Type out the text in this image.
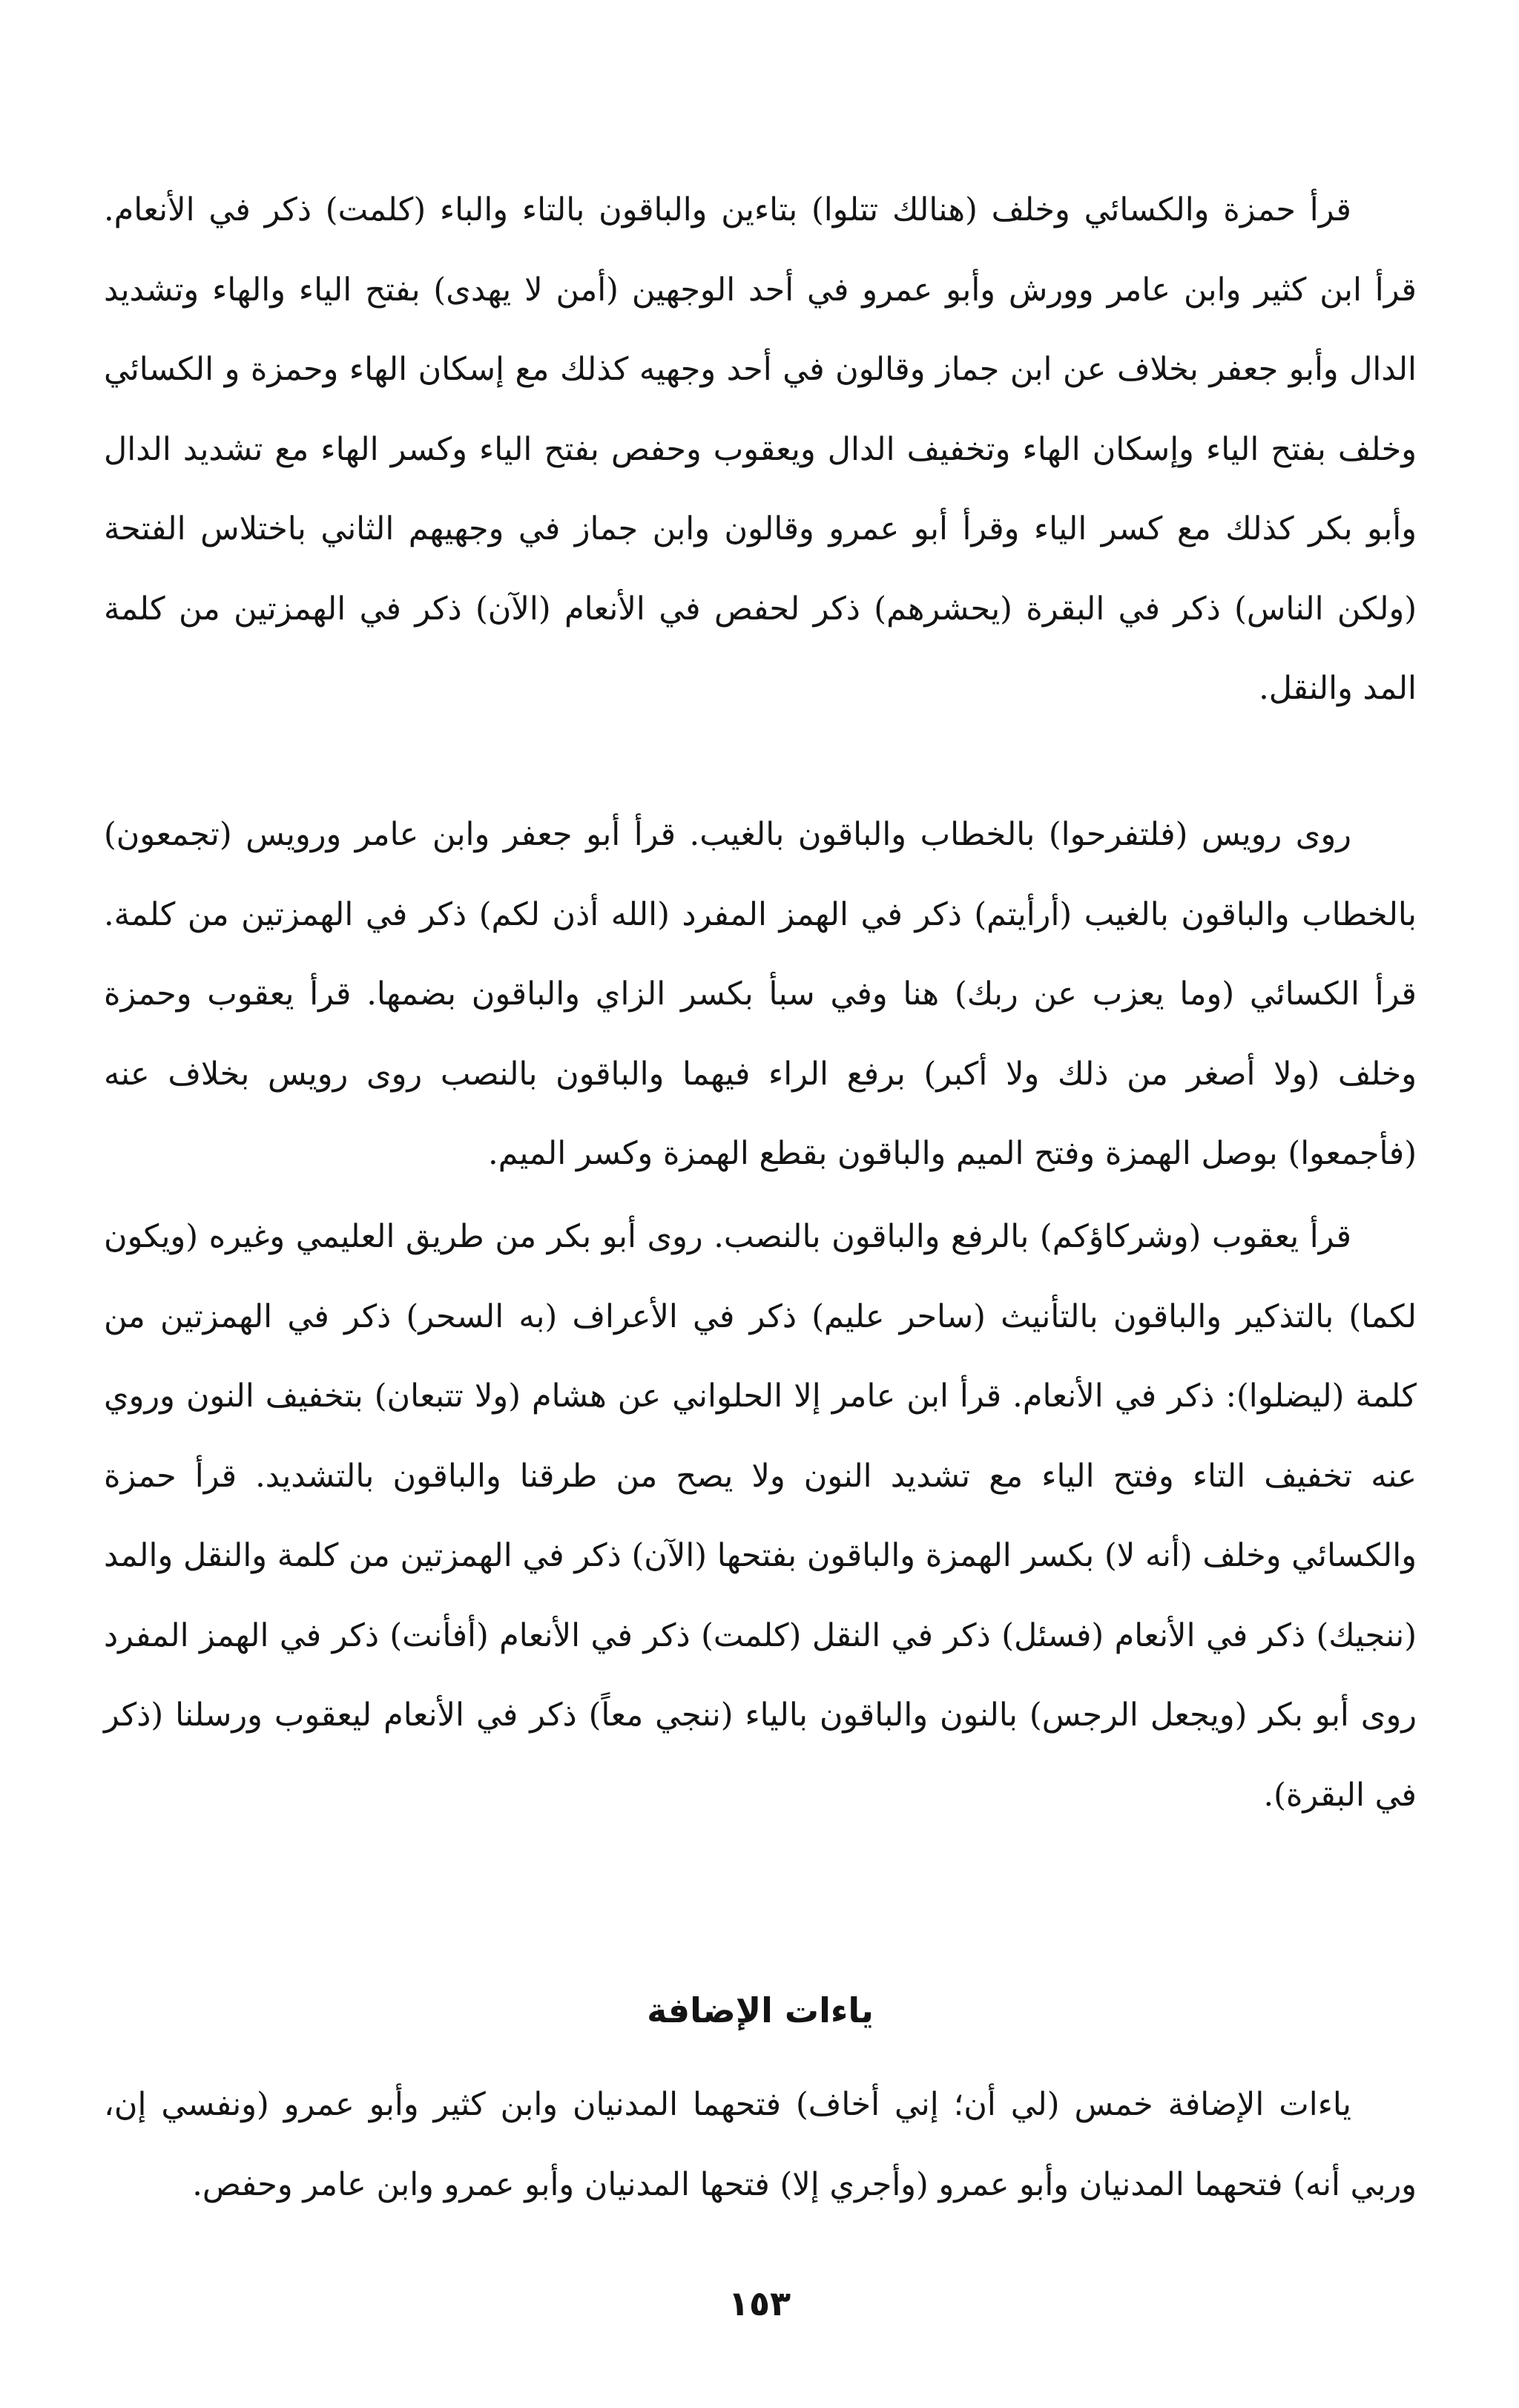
قرأ حمزة والكسائي وخلف (هنالك تتلوا) بتاءين والباقون بالتاء والباء (كلمت) ذكر في الأنعام. قرأ ابن كثير وابن عامر وورش وأبو عمرو في أحد الوجهين (أمن لا يهدى) بفتح الياء والهاء وتشديد الدال وأبو جعفر بخلاف عن ابن جماز وقالون في أحد وجهيه كذلك مع إسكان الهاء وحمزة و الكسائي وخلف بفتح الياء وإسكان الهاء وتخفيف الدال ويعقوب وحفص بفتح الياء وكسر الهاء مع تشديد الدال وأبو بكر كذلك مع كسر الياء وقرأ أبو عمرو وقالون وابن جماز في وجهيهم الثاني باختلاس الفتحة (ولكن الناس) ذكر في البقرة (يحشرهم) ذكر لحفص في الأنعام (الآن) ذكر في الهمزتين من كلمة المد والنقل.

روى رويس (فلتفرحوا) بالخطاب والباقون بالغيب. قرأ أبو جعفر وابن عامر ورويس (تجمعون) بالخطاب والباقون بالغيب (أرأيتم) ذكر في الهمز المفرد (الله أذن لكم) ذكر في الهمزتين من كلمة. قرأ الكسائي (وما يعزب عن ربك) هنا وفي سبأ بكسر الزاي والباقون بضمها. قرأ يعقوب وحمزة وخلف (ولا أصغر من ذلك ولا أكبر) برفع الراء فيهما والباقون بالنصب روى رويس بخلاف عنه (فأجمعوا) بوصل الهمزة وفتح الميم والباقون بقطع الهمزة وكسر الميم.

قرأ يعقوب (وشركاؤكم) بالرفع والباقون بالنصب. روى أبو بكر من طريق العليمي وغيره (ويكون لكما) بالتذكير والباقون بالتأنيث (ساحر عليم) ذكر في الأعراف (به السحر) ذكر في الهمزتين من كلمة (ليضلوا): ذكر في الأنعام. قرأ ابن عامر إلا الحلواني عن هشام (ولا تتبعان) بتخفيف النون وروي عنه تخفيف التاء وفتح الياء مع تشديد النون ولا يصح من طرقنا والباقون بالتشديد. قرأ حمزة والكسائي وخلف (أنه لا) بكسر الهمزة والباقون بفتحها (الآن) ذكر في الهمزتين من كلمة والنقل والمد (ننجيك) ذكر في الأنعام (فسئل) ذكر في النقل (كلمت) ذكر في الأنعام (أفأنت) ذكر في الهمز المفرد روى أبو بكر (ويجعل الرجس) بالنون والباقون بالياء (ننجي معاً) ذكر في الأنعام ليعقوب ورسلنا (ذكر في البقرة).

ياءات الإضافة

ياءات الإضافة خمس (لي أن؛ إني أخاف) فتحهما المدنيان وابن كثير وأبو عمرو (ونفسي إن، وربي أنه) فتحهما المدنيان وأبو عمرو (وأجري إلا) فتحها المدنيان وأبو عمرو وابن عامر وحفص.

١٥٣
